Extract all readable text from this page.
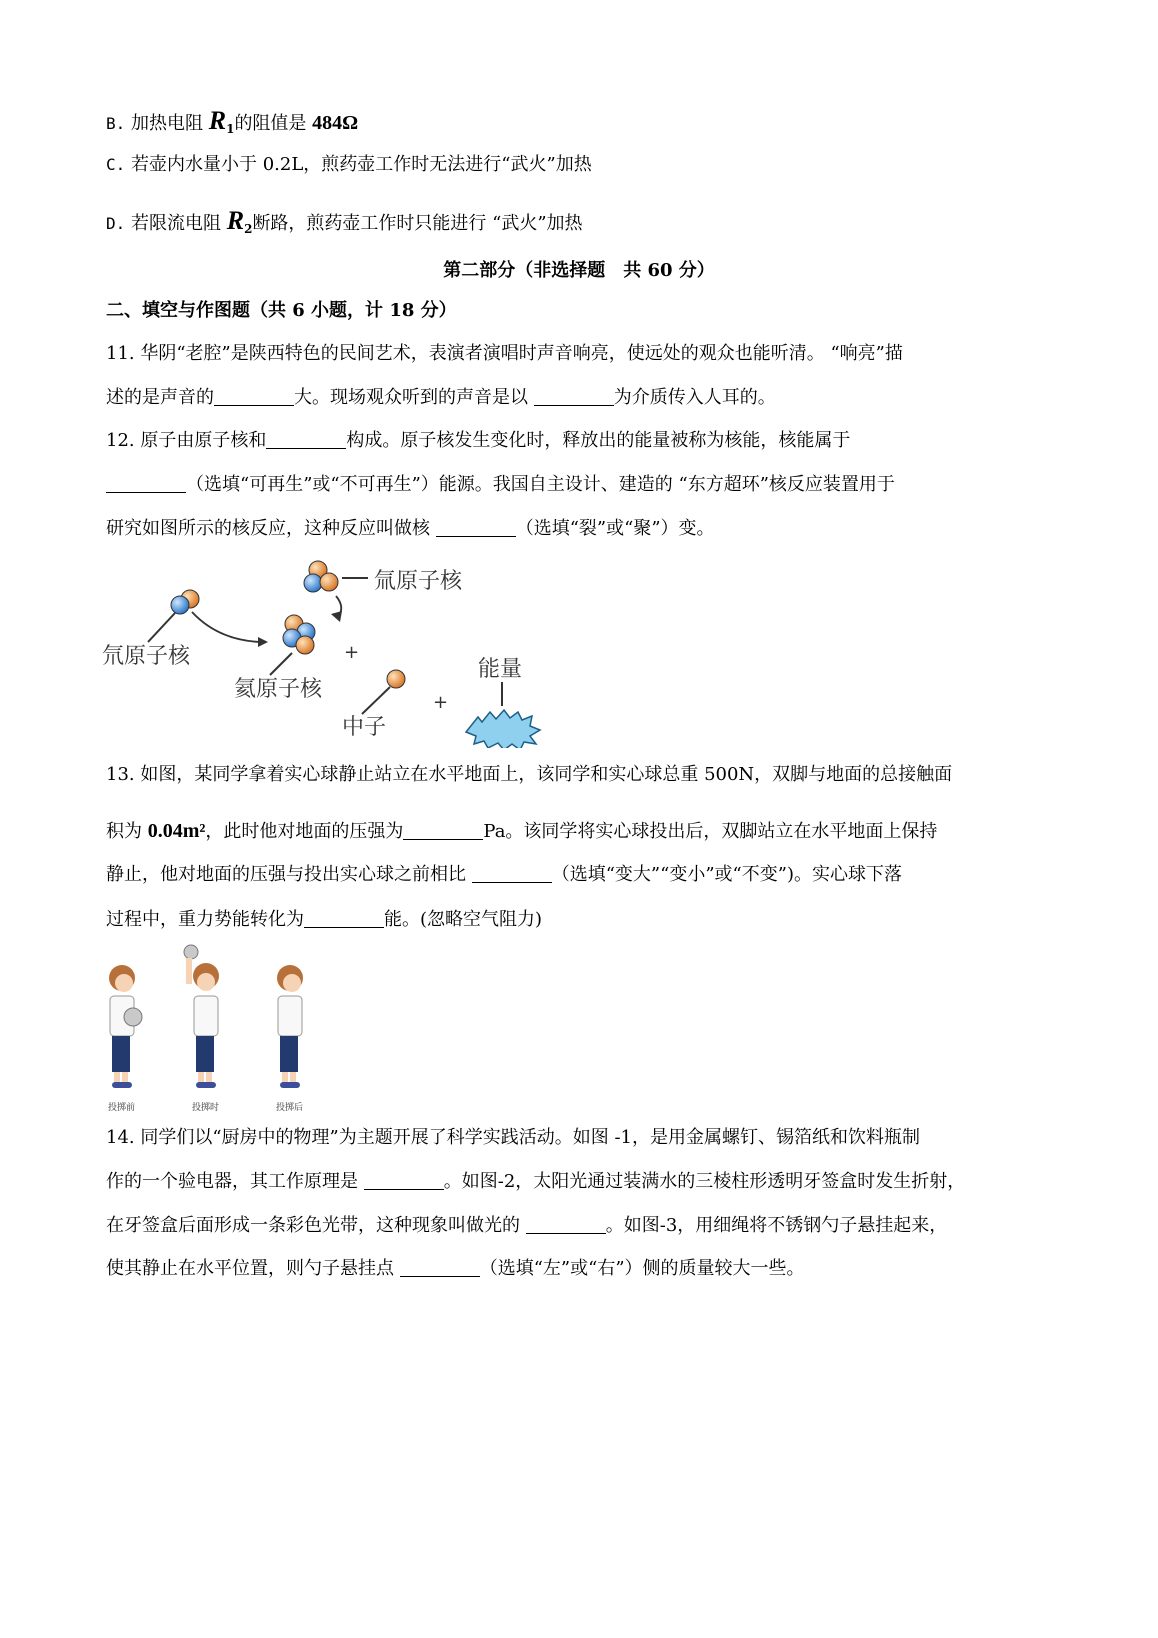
B. 加热电阻 $R_1$的阻值是 484Ω
C. 若壶内水量小于 0.2L，煎药壶工作时无法进行“武火”加热
D. 若限流电阻 $R_2$断路，煎药壶工作时只能进行 “武火”加热
第二部分（非选择题　共 60 分）
二、填空与作图题（共 6 小题，计 18 分）
11. 华阴“老腔”是陕西特色的民间艺术，表演者演唱时声音响亮，使远处的观众也能听清。 “响亮”描
述的是声音的	大。现场观众听到的声音是以	为介质传入人耳的。
12. 原子由原子核和	构成。原子核发生变化时，释放出的能量被称为核能，核能属于
（选填“可再生”或“不可再生”）能源。我国自主设计、建造的 “东方超环”核反应装置用于
研究如图所示的核反应，这种反应叫做核	（选填“裂”或“聚”）变。
氚原子核
氘原子核
氦原子核
+
中子
+
能量
13. 如图，某同学拿着实心球静止站立在水平地面上，该同学和实心球总重 500N，双脚与地面的总接触面
积为 0.04m²，此时他对地面的压强为	Pa。该同学将实心球投出后，双脚站立在水平地面上保持
静止，他对地面的压强与投出实心球之前相比	（选填“变大”“变小”或“不变”)。实心球下落
过程中，重力势能转化为	能。(忽略空气阻力)
投掷前	投掷时	投掷后
14. 同学们以“厨房中的物理”为主题开展了科学实践活动。如图 -1，是用金属螺钉、锡箔纸和饮料瓶制
作的一个验电器，其工作原理是	。如图-2，太阳光通过装满水的三棱柱形透明牙签盒时发生折射，
在牙签盒后面形成一条彩色光带，这种现象叫做光的	。如图-3，用细绳将不锈钢勺子悬挂起来，
使其静止在水平位置，则勺子悬挂点	（选填“左”或“右”）侧的质量较大一些。
